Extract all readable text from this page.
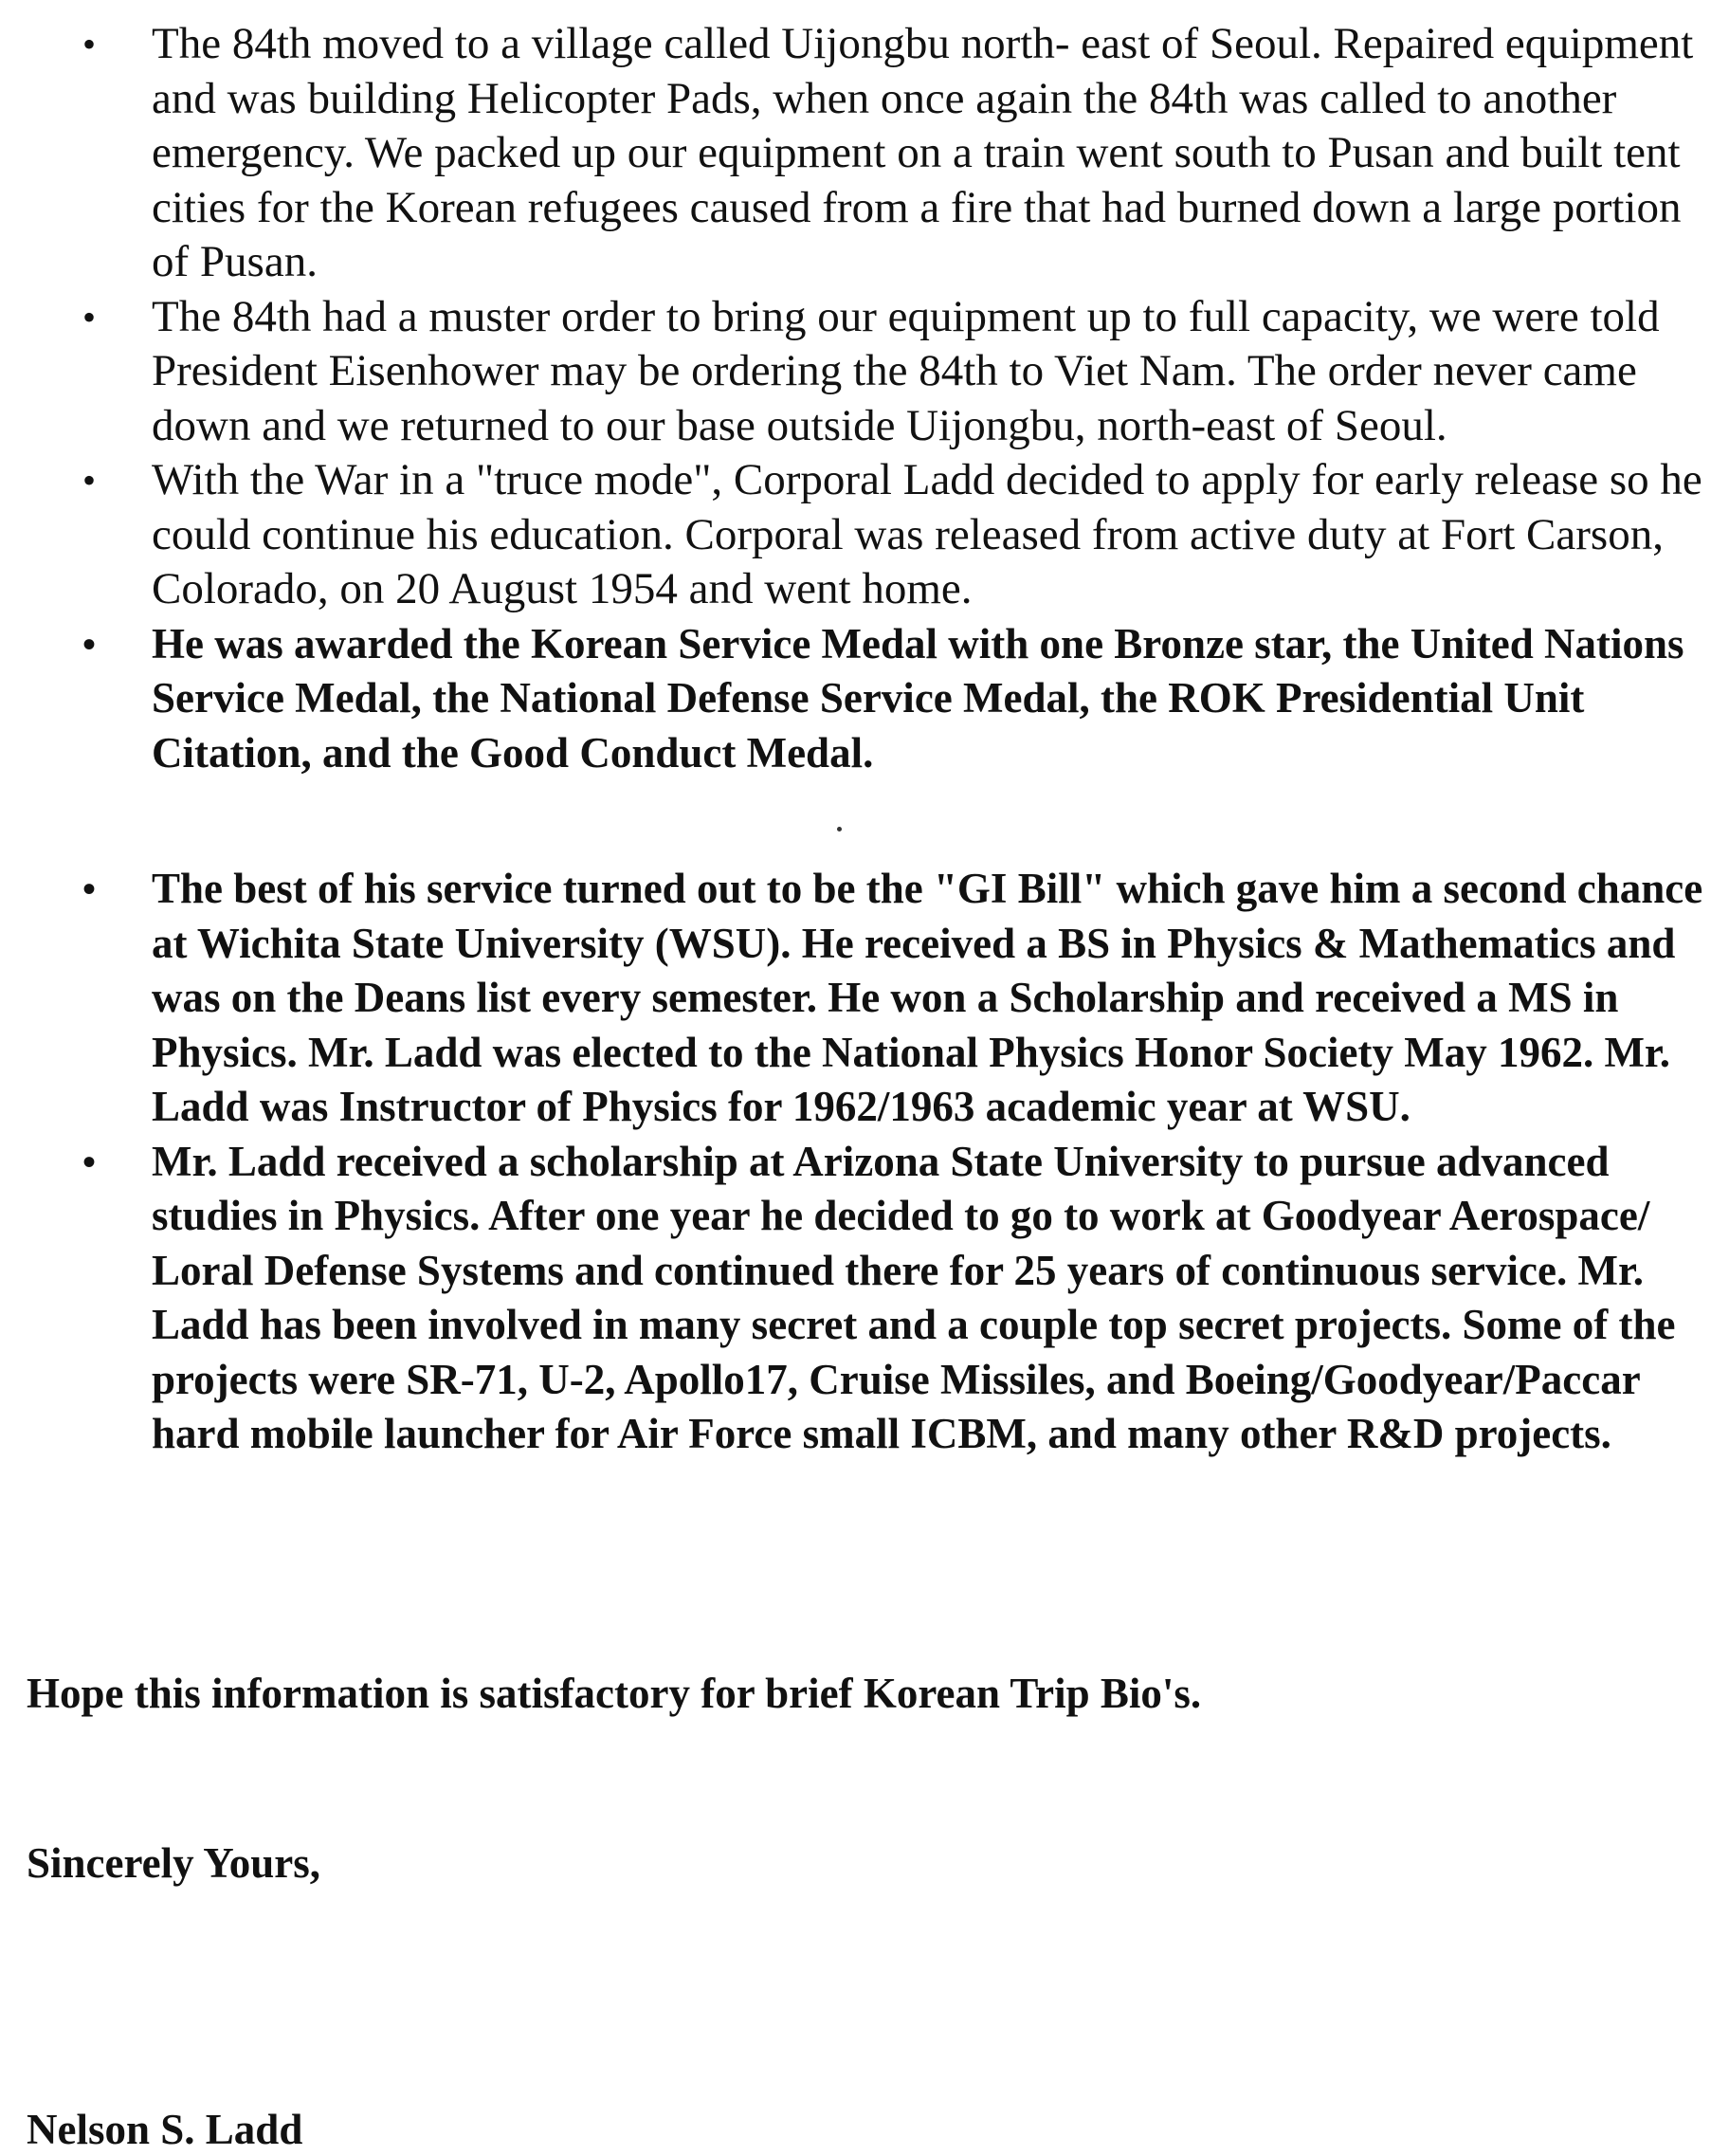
• The 84th moved to a village called Uijongbu north- east of Seoul. Repaired equipment and was building Helicopter Pads, when once again the 84th was called to another emergency. We packed up our equipment on a train went south to Pusan and built tent cities for the Korean refugees caused from a fire that had burned down a large portion of Pusan.
• The 84th had a muster order to bring our equipment up to full capacity, we were told President Eisenhower may be ordering the 84th to Viet Nam. The order never came down and we returned to our base outside Uijongbu, north-east of Seoul.
• With the War in a "truce mode", Corporal Ladd decided to apply for early release so he could continue his education. Corporal was released from active duty at Fort Carson, Colorado, on 20 August 1954 and went home.
• He was awarded the Korean Service Medal with one Bronze star, the United Nations Service Medal, the National Defense Service Medal, the ROK Presidential Unit Citation, and the Good Conduct Medal.
• The best of his service turned out to be the "GI Bill" which gave him a second chance at Wichita State University (WSU). He received a BS in Physics & Mathematics and was on the Deans list every semester. He won a Scholarship and received a MS in Physics. Mr. Ladd was elected to the National Physics Honor Society May 1962. Mr. Ladd was Instructor of Physics for 1962/1963 academic year at WSU.
• Mr. Ladd received a scholarship at Arizona State University to pursue advanced studies in Physics. After one year he decided to go to work at Goodyear Aerospace/ Loral Defense Systems and continued there for 25 years of continuous service. Mr. Ladd has been involved in many secret and a couple top secret projects. Some of the projects were SR-71, U-2, Apollo17, Cruise Missiles, and Boeing/Goodyear/Paccar hard mobile launcher for Air Force small ICBM, and many other R&D projects.

Hope this information is satisfactory for brief Korean Trip Bio's.

Sincerely Yours,

Nelson S. Ladd
